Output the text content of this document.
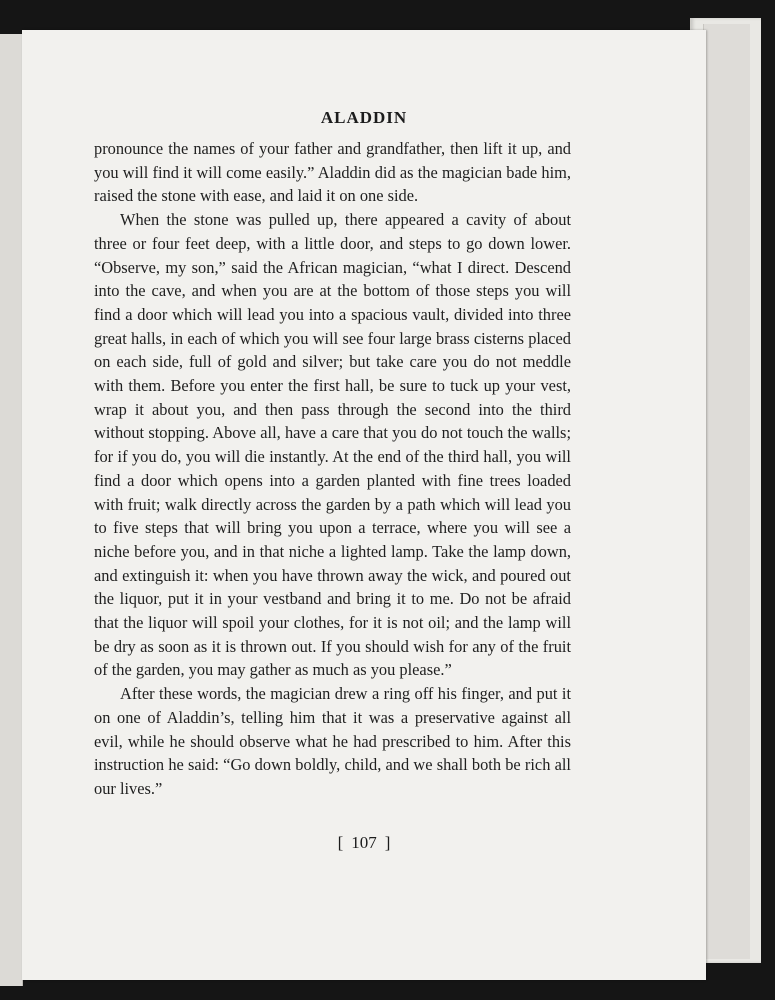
ALADDIN

pronounce the names of your father and grandfather, then lift it up, and you will find it will come easily.” Aladdin did as the magician bade him, raised the stone with ease, and laid it on one side.

When the stone was pulled up, there appeared a cavity of about three or four feet deep, with a little door, and steps to go down lower. “Observe, my son,” said the African magician, “what I direct. Descend into the cave, and when you are at the bottom of those steps you will find a door which will lead you into a spacious vault, divided into three great halls, in each of which you will see four large brass cisterns placed on each side, full of gold and silver; but take care you do not meddle with them. Before you enter the first hall, be sure to tuck up your vest, wrap it about you, and then pass through the second into the third without stopping. Above all, have a care that you do not touch the walls; for if you do, you will die instantly. At the end of the third hall, you will find a door which opens into a garden planted with fine trees loaded with fruit; walk directly across the garden by a path which will lead you to five steps that will bring you upon a terrace, where you will see a niche before you, and in that niche a lighted lamp. Take the lamp down, and extinguish it: when you have thrown away the wick, and poured out the liquor, put it in your vestband and bring it to me. Do not be afraid that the liquor will spoil your clothes, for it is not oil; and the lamp will be dry as soon as it is thrown out. If you should wish for any of the fruit of the garden, you may gather as much as you please.”

After these words, the magician drew a ring off his finger, and put it on one of Aladdin’s, telling him that it was a preservative against all evil, while he should observe what he had prescribed to him. After this instruction he said: “Go down boldly, child, and we shall both be rich all our lives.”

[ 107 ]
